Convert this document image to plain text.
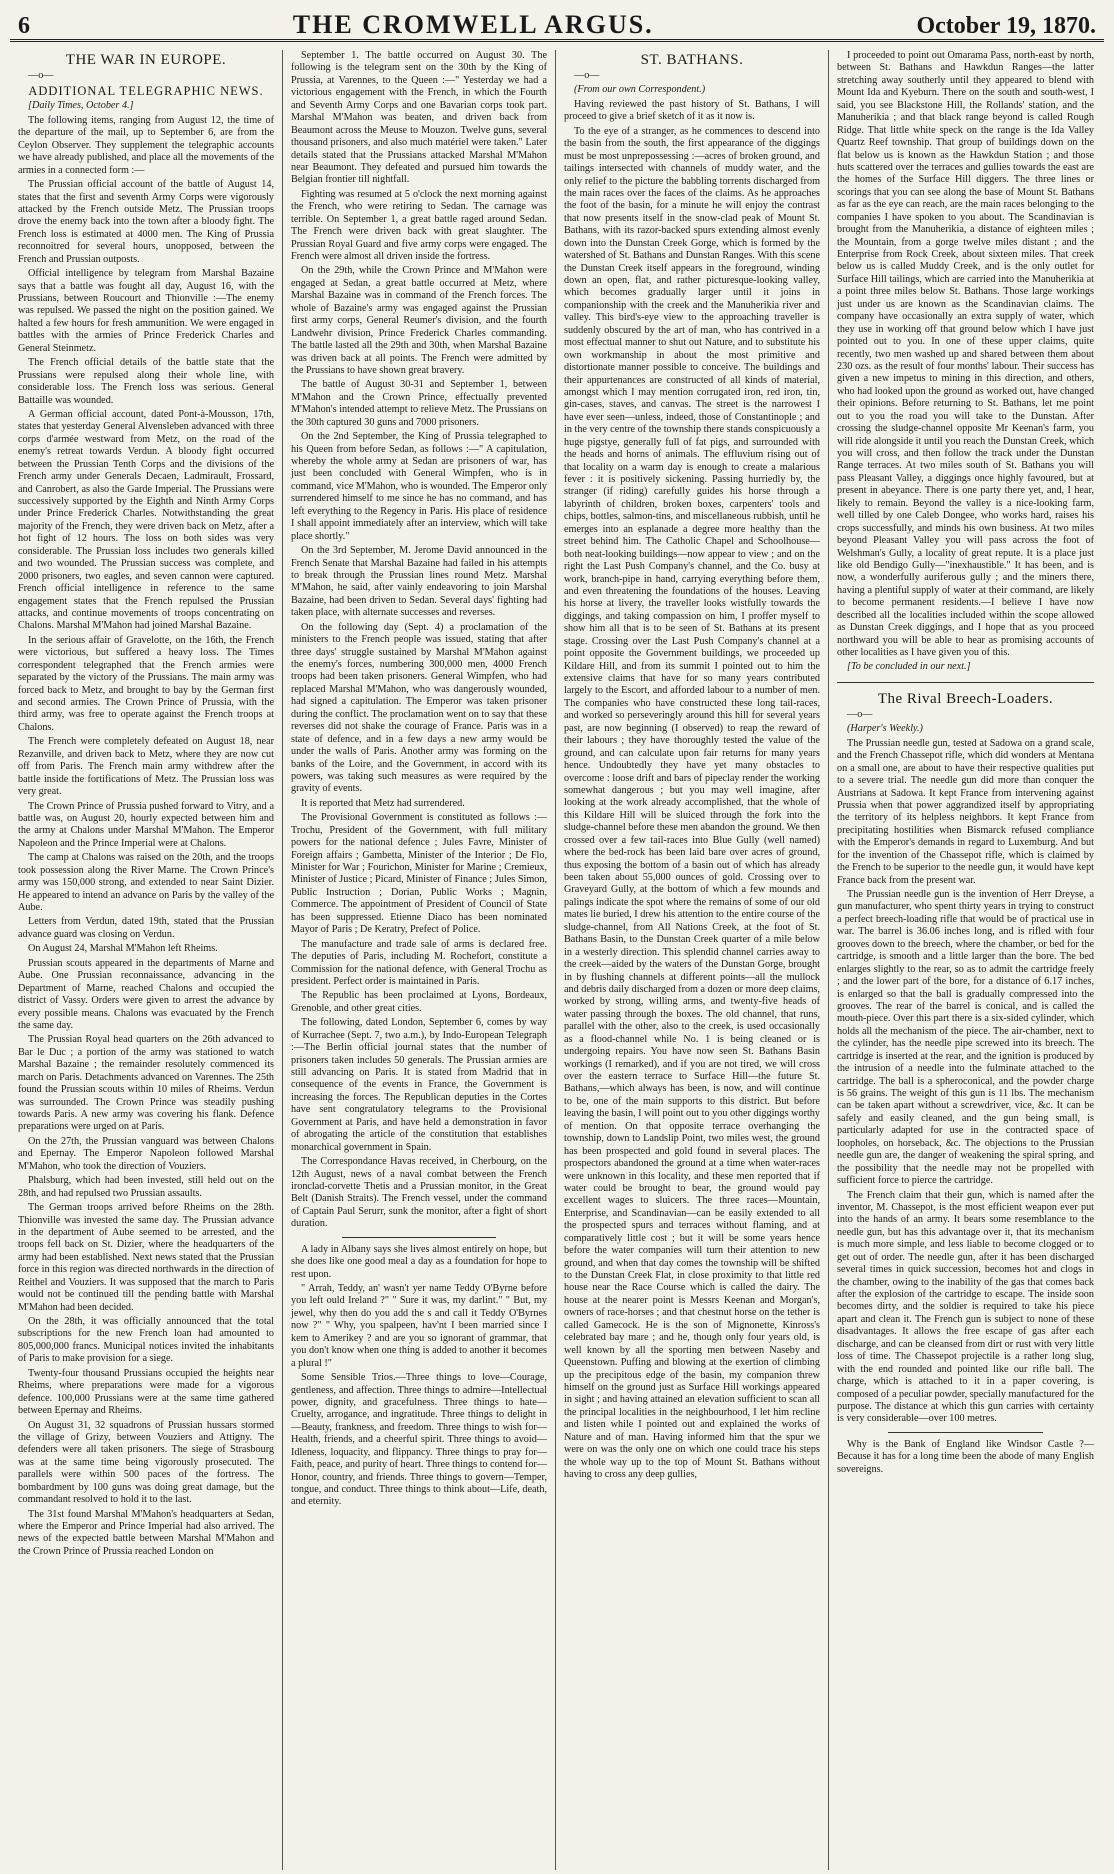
6	THE CROMWELL ARGUS.	October 19, 1870.
THE WAR IN EUROPE.

—o—

ADDITIONAL TELEGRAPHIC NEWS.

[Daily Times, October 4.]

The following items, ranging from August 12, the time of the departure of the mail, up to September 6, are from the Ceylon Observer. They supplement the telegraphic accounts we have already published, and place all the movements of the armies in a connected form :—

The Prussian official account of the battle of August 14, states that the first and seventh Army Corps were vigorously attacked by the French outside Metz. The Prussian troops drove the enemy back into the town after a bloody fight. The French loss is estimated at 4000 men. The King of Prussia reconnoitred for several hours, unopposed, between the French and Prussian outposts.

Official intelligence by telegram from Marshal Bazaine says that a battle was fought all day, August 16, with the Prussians, between Roucourt and Thionville :—The enemy was repulsed. We passed the night on the position gained. We halted a few hours for fresh ammunition. We were engaged in battles with the armies of Prince Frederick Charles and General Steinmetz.

The French official details of the battle state that the Prussians were repulsed along their whole line, with considerable loss. The French loss was serious. General Battaille was wounded.

A German official account, dated Pont-à-Mousson, 17th, states that yesterday General Alvensleben advanced with three corps d'armée westward from Metz, on the road of the enemy's retreat towards Verdun. A bloody fight occurred between the Prussian Tenth Corps and the divisions of the French army under Generals Decaen, Ladmirault, Frossard, and Canrobert, as also the Garde Imperial. The Prussians were successively supported by the Eighth and Ninth Army Corps under Prince Frederick Charles. Notwithstanding the great majority of the French, they were driven back on Metz, after a hot fight of 12 hours. The loss on both sides was very considerable. The Prussian loss includes two generals killed and two wounded. The Prussian success was complete, and 2000 prisoners, two eagles, and seven cannon were captured. French official intelligence in reference to the same engagement states that the French repulsed the Prussian attacks, and continue movements of troops concentrating on Chalons. Marshal M'Mahon had joined Marshal Bazaine.

In the serious affair of Gravelotte, on the 16th, the French were victorious, but suffered a heavy loss. The Times correspondent telegraphed that the French armies were separated by the victory of the Prussians. The main army was forced back to Metz, and brought to bay by the German first and second armies. The Crown Prince of Prussia, with the third army, was free to operate against the French troops at Chalons.

The French were completely defeated on August 18, near Rezanville, and driven back to Metz, where they are now cut off from Paris. The French main army withdrew after the battle inside the fortifications of Metz. The Prussian loss was very great.

The Crown Prince of Prussia pushed forward to Vitry, and a battle was, on August 20, hourly expected between him and the army at Chalons under Marshal M'Mahon. The Emperor Napoleon and the Prince Imperial were at Chalons.

The camp at Chalons was raised on the 20th, and the troops took possession along the River Marne. The Crown Prince's army was 150,000 strong, and extended to near Saint Dizier. He appeared to intend an advance on Paris by the valley of the Aube.

Letters from Verdun, dated 19th, stated that the Prussian advance guard was closing on Verdun.

On August 24, Marshal M'Mahon left Rheims.

Prussian scouts appeared in the departments of Marne and Aube. One Prussian reconnaissance, advancing in the Department of Marne, reached Chalons and occupied the district of Vassy. Orders were given to arrest the advance by every possible means. Chalons was evacuated by the French the same day.

The Prussian Royal head quarters on the 26th advanced to Bar le Duc ; a portion of the army was stationed to watch Marshal Bazaine ; the remainder resolutely commenced its march on Paris. Detachments advanced on Varennes. The 25th found the Prussian scouts within 10 miles of Rheims. Verdun was surrounded. The Crown Prince was steadily pushing towards Paris. A new army was covering his flank. Defence preparations were urged on at Paris.

On the 27th, the Prussian vanguard was between Chalons and Epernay. The Emperor Napoleon followed Marshal M'Mahon, who took the direction of Vouziers.

Phalsburg, which had been invested, still held out on the 28th, and had repulsed two Prussian assaults.

The German troops arrived before Rheims on the 28th. Thionville was invested the same day. The Prussian advance in the department of Aube seemed to be arrested, and the troops fell back on St. Dizier, where the headquarters of the army had been established. Next news stated that the Prussian force in this region was directed northwards in the direction of Reithel and Vouziers. It was supposed that the march to Paris would not be continued till the pending battle with Marshal M'Mahon had been decided.

On the 28th, it was officially announced that the total subscriptions for the new French loan had amounted to 805,000,000 francs. Municipal notices invited the inhabitants of Paris to make provision for a siege.

Twenty-four thousand Prussians occupied the heights near Rheims, where preparations were made for a vigorous defence. 100,000 Prussians were at the same time gathered between Epernay and Rheims.

On August 31, 32 squadrons of Prussian hussars stormed the village of Grizy, between Vouziers and Attigny. The defenders were all taken prisoners. The siege of Strasbourg was at the same time being vigorously prosecuted. The parallels were within 500 paces of the fortress. The bombardment by 100 guns was doing great damage, but the commandant resolved to hold it to the last.

The 31st found Marshal M'Mahon's headquarters at Sedan, where the Emperor and Prince Imperial had also arrived. The news of the expected battle between Marshal M'Mahon and the Crown Prince of Prussia reached London on

September 1. The battle occurred on August 30. The following is the telegram sent on the 30th by the King of Prussia, at Varennes, to the Queen :—" Yesterday we had a victorious engagement with the French, in which the Fourth and Seventh Army Corps and one Bavarian corps took part. Marshal M'Mahon was beaten, and driven back from Beaumont across the Meuse to Mouzon. Twelve guns, several thousand prisoners, and also much matériel were taken." Later details stated that the Prussians attacked Marshal M'Mahon near Beaumont. They defeated and pursued him towards the Belgian frontier till nightfall.

Fighting was resumed at 5 o'clock the next morning against the French, who were retiring to Sedan. The carnage was terrible. On September 1, a great battle raged around Sedan. The French were driven back with great slaughter. The Prussian Royal Guard and five army corps were engaged. The French were almost all driven inside the fortress.

On the 29th, while the Crown Prince and M'Mahon were engaged at Sedan, a great battle occurred at Metz, where Marshal Bazaine was in command of the French forces. The whole of Bazaine's army was engaged against the Prussian first army corps, General Reumer's division, and the fourth Landwehr division, Prince Frederick Charles commanding. The battle lasted all the 29th and 30th, when Marshal Bazaine was driven back at all points. The French were admitted by the Prussians to have shown great bravery.

The battle of August 30-31 and September 1, between M'Mahon and the Crown Prince, effectually prevented M'Mahon's intended attempt to relieve Metz. The Prussians on the 30th captured 30 guns and 7000 prisoners.

On the 2nd September, the King of Prussia telegraphed to his Queen from before Sedan, as follows :—" A capitulation, whereby the whole army at Sedan are prisoners of war, has just been concluded with General Wimpfen, who is in command, vice M'Mahon, who is wounded. The Emperor only surrendered himself to me since he has no command, and has left everything to the Regency in Paris. His place of residence I shall appoint immediately after an interview, which will take place shortly."

On the 3rd September, M. Jerome David announced in the French Senate that Marshal Bazaine had failed in his attempts to break through the Prussian lines round Metz. Marshal M'Mahon, he said, after vainly endeavoring to join Marshal Bazaine, had been driven to Sedan. Several days' fighting had taken place, with alternate successes and reverses.

On the following day (Sept. 4) a proclamation of the ministers to the French people was issued, stating that after three days' struggle sustained by Marshal M'Mahon against the enemy's forces, numbering 300,000 men, 4000 French troops had been taken prisoners. General Wimpfen, who had replaced Marshal M'Mahon, who was dangerously wounded, had signed a capitulation. The Emperor was taken prisoner during the conflict. The proclamation went on to say that these reverses did not shake the courage of France. Paris was in a state of defence, and in a few days a new army would be under the walls of Paris. Another army was forming on the banks of the Loire, and the Government, in accord with its powers, was taking such measures as were required by the gravity of events.

It is reported that Metz had surrendered.

The Provisional Government is constituted as follows :—Trochu, President of the Government, with full military powers for the national defence ; Jules Favre, Minister of Foreign affairs ; Gambetta, Minister of the Interior ; De Flo, Minister for War ; Fourichon, Minister for Marine ; Cremieux, Minister of Justice ; Picard, Minister of Finance ; Jules Simon, Public Instruction ; Dorian, Public Works ; Magnin, Commerce. The appointment of President of Council of State has been suppressed. Etienne Diaco has been nominated Mayor of Paris ; De Keratry, Prefect of Police.

The manufacture and trade sale of arms is declared free. The deputies of Paris, including M. Rochefort, constitute a Commission for the national defence, with General Trochu as president. Perfect order is maintained in Paris.

The Republic has been proclaimed at Lyons, Bordeaux, Grenoble, and other great cities.

The following, dated London, September 6, comes by way of Kurrachee (Sept. 7, two a.m.), by Indo-European Telegraph :—The Berlin official journal states that the number of prisoners taken includes 50 generals. The Prussian armies are still advancing on Paris. It is stated from Madrid that in consequence of the events in France, the Government is increasing the forces. The Republican deputies in the Cortes have sent congratulatory telegrams to the Provisional Government at Paris, and have held a demonstration in favor of abrogating the article of the constitution that establishes monarchical government in Spain.

The Correspondance Havas received, in Cherbourg, on the 12th August, news of a naval combat between the French ironclad-corvette Thetis and a Prussian monitor, in the Great Belt (Danish Straits). The French vessel, under the command of Captain Paul Serurr, sunk the monitor, after a fight of short duration.

A lady in Albany says she lives almost entirely on hope, but she does like one good meal a day as a foundation for hope to rest upon.

" Arrah, Teddy, an' wasn't yer name Teddy O'Byrne before you left ould Ireland ?" " Sure it was, my darlint." " But, my jewel, why then do you add the s and call it Teddy O'Byrnes now ?" " Why, you spalpeen, hav'nt I been married since I kem to Amerikey ? and are you so ignorant of grammar, that you don't know when one thing is added to another it becomes a plural !"

Some Sensible Trios.—Three things to love—Courage, gentleness, and affection. Three things to admire—Intellectual power, dignity, and gracefulness. Three things to hate—Cruelty, arrogance, and ingratitude. Three things to delight in—Beauty, frankness, and freedom. Three things to wish for—Health, friends, and a cheerful spirit. Three things to avoid—Idleness, loquacity, and flippancy. Three things to pray for—Faith, peace, and purity of heart. Three things to contend for—Honor, country, and friends. Three things to govern—Temper, tongue, and conduct. Three things to think about—Life, death, and eternity.

ST. BATHANS.

—o—

(From our own Correspondent.)

Having reviewed the past history of St. Bathans, I will proceed to give a brief sketch of it as it now is.

To the eye of a stranger, as he commences to descend into the basin from the south, the first appearance of the diggings must be most unprepossessing :—acres of broken ground, and tailings intersected with channels of muddy water, and the only relief to the picture the babbling torrents discharged from the main races over the faces of the claims. As he approaches the foot of the basin, for a minute he will enjoy the contrast that now presents itself in the snow-clad peak of Mount St. Bathans, with its razor-backed spurs extending almost evenly down into the Dunstan Creek Gorge, which is formed by the watershed of St. Bathans and Dunstan Ranges. With this scene the Dunstan Creek itself appears in the foreground, winding down an open, flat, and rather picturesque-looking valley, which becomes gradually larger until it joins in companionship with the creek and the Manuherikia river and valley. This bird's-eye view to the approaching traveller is suddenly obscured by the art of man, who has contrived in a most effectual manner to shut out Nature, and to substitute his own workmanship in about the most primitive and distortionate manner possible to conceive. The buildings and their appurtenances are constructed of all kinds of material, amongst which I may mention corrugated iron, red iron, tin, gin-cases, staves, and canvas. The street is the narrowest I have ever seen—unless, indeed, those of Constantinople ; and in the very centre of the township there stands conspicuously a huge pigstye, generally full of fat pigs, and surrounded with the heads and horns of animals. The effluvium rising out of that locality on a warm day is enough to create a malarious fever : it is positively sickening. Passing hurriedly by, the stranger (if riding) carefully guides his horse through a labyrinth of children, broken boxes, carpenters' tools and chips, bottles, salmon-tins, and miscellaneous rubbish, until he emerges into an esplanade a degree more healthy than the street behind him. The Catholic Chapel and Schoolhouse—both neat-looking buildings—now appear to view ; and on the right the Last Push Company's channel, and the Co. busy at work, branch-pipe in hand, carrying everything before them, and even threatening the foundations of the houses. Leaving his horse at livery, the traveller looks wistfully towards the diggings, and taking compassion on him, I proffer myself to show him all that is to be seen of St. Bathans at its present stage. Crossing over the Last Push Company's channel at a point opposite the Government buildings, we proceeded up Kildare Hill, and from its summit I pointed out to him the extensive claims that have for so many years contributed largely to the Escort, and afforded labour to a number of men. The companies who have constructed these long tail-races, and worked so perseveringly around this hill for several years past, are now beginning (I observed) to reap the reward of their labours ; they have thoroughly tested the value of the ground, and can calculate upon fair returns for many years hence. Undoubtedly they have yet many obstacles to overcome : loose drift and bars of pipeclay render the working somewhat dangerous ; but you may well imagine, after looking at the work already accomplished, that the whole of this Kildare Hill will be sluiced through the fork into the sludge-channel before these men abandon the ground. We then crossed over a few tail-races into Blue Gully (well named) where the bed-rock has been laid bare over acres of ground, thus exposing the bottom of a basin out of which has already been taken about 55,000 ounces of gold. Crossing over to Graveyard Gully, at the bottom of which a few mounds and palings indicate the spot where the remains of some of our old mates lie buried, I drew his attention to the entire course of the sludge-channel, from All Nations Creek, at the foot of St. Bathans Basin, to the Dunstan Creek quarter of a mile below in a westerly direction. This splendid channel carries away to the creek—aided by the waters of the Dunstan Gorge, brought in by flushing channels at different points—all the mullock and debris daily discharged from a dozen or more deep claims, worked by strong, willing arms, and twenty-five heads of water passing through the boxes. The old channel, that runs, parallel with the other, also to the creek, is used occasionally as a flood-channel while No. 1 is being cleaned or is undergoing repairs. You have now seen St. Bathans Basin workings (I remarked), and if you are not tired, we will cross over the eastern terrace to Surface Hill—the future St. Bathans,—which always has been, is now, and will continue to be, one of the main supports to this district. But before leaving the basin, I will point out to you other diggings worthy of mention. On that opposite terrace overhanging the township, down to Landslip Point, two miles west, the ground has been prospected and gold found in several places. The prospectors abandoned the ground at a time when water-races were unknown in this locality, and these men reported that if water could be brought to bear, the ground would pay excellent wages to sluicers. The three races—Mountain, Enterprise, and Scandinavian—can be easily extended to all the prospected spurs and terraces without flaming, and at comparatively little cost ; but it will be some years hence before the water companies will turn their attention to new ground, and when that day comes the township will be shifted to the Dunstan Creek Flat, in close proximity to that little red house near the Race Course which is called the dairy. The house at the nearer point is Messrs Keenan and Morgan's, owners of race-horses ; and that chestnut horse on the tether is called Gamecock. He is the son of Mignonette, Kinross's celebrated bay mare ; and he, though only four years old, is well known by all the sporting men between Naseby and Queenstown. Puffing and blowing at the exertion of climbing up the precipitous edge of the basin, my companion threw himself on the ground just as Surface Hill workings appeared in sight ; and having attained an elevation sufficient to scan all the principal localities in the neighbourhood, I let him recline and listen while I pointed out and explained the works of Nature and of man. Having informed him that the spur we were on was the only one on which one could trace his steps the whole way up to the top of Mount St. Bathans without having to cross any deep gullies,

I proceeded to point out Omarama Pass, north-east by north, between St. Bathans and Hawkdun Ranges—the latter stretching away southerly until they appeared to blend with Mount Ida and Kyeburn. There on the south and south-west, I said, you see Blackstone Hill, the Rollands' station, and the Manuherikia ; and that black range beyond is called Rough Ridge. That little white speck on the range is the Ida Valley Quartz Reef township. That group of buildings down on the flat below us is known as the Hawkdun Station ; and those huts scattered over the terraces and gullies towards the east are the homes of the Surface Hill diggers. The three lines or scorings that you can see along the base of Mount St. Bathans as far as the eye can reach, are the main races belonging to the companies I have spoken to you about. The Scandinavian is brought from the Manuherikia, a distance of eighteen miles ; the Mountain, from a gorge twelve miles distant ; and the Enterprise from Rock Creek, about sixteen miles. That creek below us is called Muddy Creek, and is the only outlet for Surface Hill tailings, which are carried into the Manuherikia at a point three miles below St. Bathans. Those large workings just under us are known as the Scandinavian claims. The company have occasionally an extra supply of water, which they use in working off that ground below which I have just pointed out to you. In one of these upper claims, quite recently, two men washed up and shared between them about 230 ozs. as the result of four months' labour. Their success has given a new impetus to mining in this direction, and others, who had looked upon the ground as worked out, have changed their opinions. Before returning to St. Bathans, let me point out to you the road you will take to the Dunstan. After crossing the sludge-channel opposite Mr Keenan's farm, you will ride alongside it until you reach the Dunstan Creek, which you will cross, and then follow the track under the Dunstan Range terraces. At two miles south of St. Bathans you will pass Pleasant Valley, a diggings once highly favoured, but at present in abeyance. There is one party there yet, and, I hear, likely to remain. Beyond the valley is a nice-looking farm, well tilled by one Caleb Dongee, who works hard, raises his crops successfully, and minds his own business. At two miles beyond Pleasant Valley you will pass across the foot of Welshman's Gully, a locality of great repute. It is a place just like old Bendigo Gully—"inexhaustible." It has been, and is now, a wonderfully auriferous gully ; and the miners there, having a plentiful supply of water at their command, are likely to become permanent residents.—I believe I have now described all the localities included within the scope allowed as Dunstan Creek diggings, and I hope that as you proceed northward you will be able to hear as promising accounts of other localities as I have given you of this.

[To be concluded in our next.]

The Rival Breech-Loaders.

—o—

(Harper's Weekly.)

The Prussian needle gun, tested at Sadowa on a grand scale, and the French Chassepot rifle, which did wonders at Mentana on a small one, are about to have their respective qualities put to a severe trial. The needle gun did more than conquer the Austrians at Sadowa. It kept France from intervening against Prussia when that power aggrandized itself by appropriating the territory of its helpless neighbors. It kept France from precipitating hostilities when Bismarck refused compliance with the Emperor's demands in regard to Luxemburg. And but for the invention of the Chassepot rifle, which is claimed by the French to be superior to the needle gun, it would have kept France back from the present war.

The Prussian needle gun is the invention of Herr Dreyse, a gun manufacturer, who spent thirty years in trying to construct a perfect breech-loading rifle that would be of practical use in war. The barrel is 36.06 inches long, and is rifled with four grooves down to the breech, where the chamber, or bed for the cartridge, is smooth and a little larger than the bore. The bed enlarges slightly to the rear, so as to admit the cartridge freely ; and the lower part of the bore, for a distance of 6.17 inches, is enlarged so that the ball is gradually compressed into the grooves. The rear of the barrel is conical, and is called the mouth-piece. Over this part there is a six-sided cylinder, which holds all the mechanism of the piece. The air-chamber, next to the cylinder, has the needle pipe screwed into its breech. The cartridge is inserted at the rear, and the ignition is produced by the intrusion of a needle into the fulminate attached to the cartridge. The ball is a spheroconical, and the powder charge is 56 grains. The weight of this gun is 11 lbs. The mechanism can be taken apart without a screwdriver, vice, &c. It can be safely and easily cleaned, and the gun being small, is particularly adapted for use in the contracted space of loopholes, on horseback, &c. The objections to the Prussian needle gun are, the danger of weakening the spiral spring, and the possibility that the needle may not be propelled with sufficient force to pierce the cartridge.

The French claim that their gun, which is named after the inventor, M. Chassepot, is the most efficient weapon ever put into the hands of an army. It bears some resemblance to the needle gun, but has this advantage over it, that its mechanism is much more simple, and less liable to become clogged or to get out of order. The needle gun, after it has been discharged several times in quick succession, becomes hot and clogs in the chamber, owing to the inability of the gas that comes back after the explosion of the cartridge to escape. The inside soon becomes dirty, and the soldier is required to take his piece apart and clean it. The French gun is subject to none of these disadvantages. It allows the free escape of gas after each discharge, and can be cleansed from dirt or rust with very little loss of time. The Chassepot projectile is a rather long slug, with the end rounded and pointed like our rifle ball. The charge, which is attached to it in a paper covering, is composed of a peculiar powder, specially manufactured for the purpose. The distance at which this gun carries with certainty is very considerable—over 100 metres.

Why is the Bank of England like Windsor Castle ?—Because it has for a long time been the abode of many English sovereigns.
